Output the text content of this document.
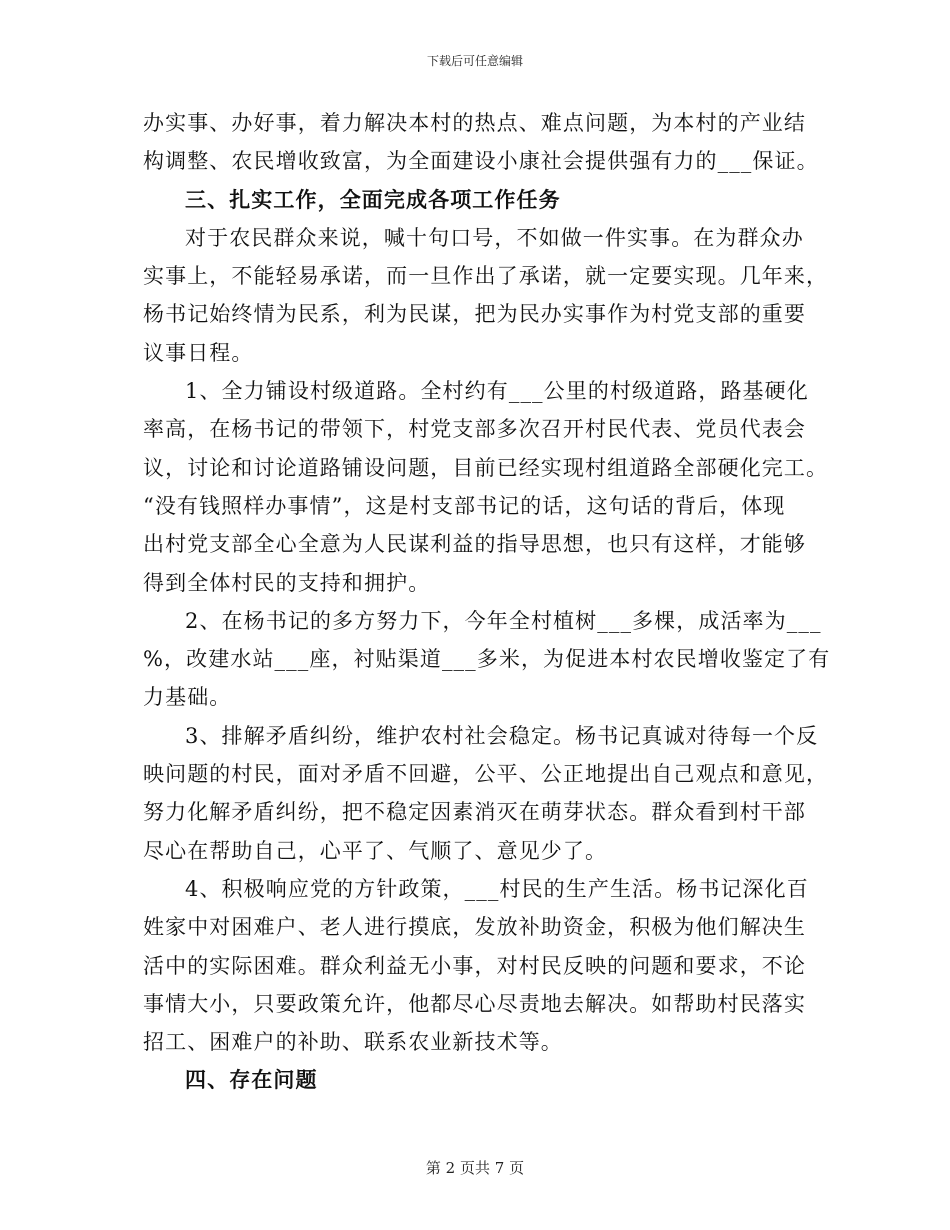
下载后可任意编辑
办实事、办好事，着力解决本村的热点、难点问题，为本村的产业结
构调整、农民增收致富，为全面建设小康社会提供强有力的___保证。
三、扎实工作，全面完成各项工作任务
对于农民群众来说，喊十句口号，不如做一件实事。在为群众办
实事上，不能轻易承诺，而一旦作出了承诺，就一定要实现。几年来，
杨书记始终情为民系，利为民谋，把为民办实事作为村党支部的重要
议事日程。
1、全力铺设村级道路。全村约有___公里的村级道路，路基硬化
率高，在杨书记的带领下，村党支部多次召开村民代表、党员代表会
议，讨论和讨论道路铺设问题，目前已经实现村组道路全部硬化完工。
“没有钱照样办事情”，这是村支部书记的话，这句话的背后，体现
出村党支部全心全意为人民谋利益的指导思想，也只有这样，才能够
得到全体村民的支持和拥护。
2、在杨书记的多方努力下，今年全村植树___多棵，成活率为___
%，改建水站___座，衬贴渠道___多米，为促进本村农民增收鉴定了有
力基础。
3、排解矛盾纠纷，维护农村社会稳定。杨书记真诚对待每一个反
映问题的村民，面对矛盾不回避，公平、公正地提出自己观点和意见，
努力化解矛盾纠纷，把不稳定因素消灭在萌芽状态。群众看到村干部
尽心在帮助自己，心平了、气顺了、意见少了。
4、积极响应党的方针政策，___村民的生产生活。杨书记深化百
姓家中对困难户、老人进行摸底，发放补助资金，积极为他们解决生
活中的实际困难。群众利益无小事，对村民反映的问题和要求，不论
事情大小，只要政策允许，他都尽心尽责地去解决。如帮助村民落实
招工、困难户的补助、联系农业新技术等。
四、存在问题
第 2 页共 7 页
